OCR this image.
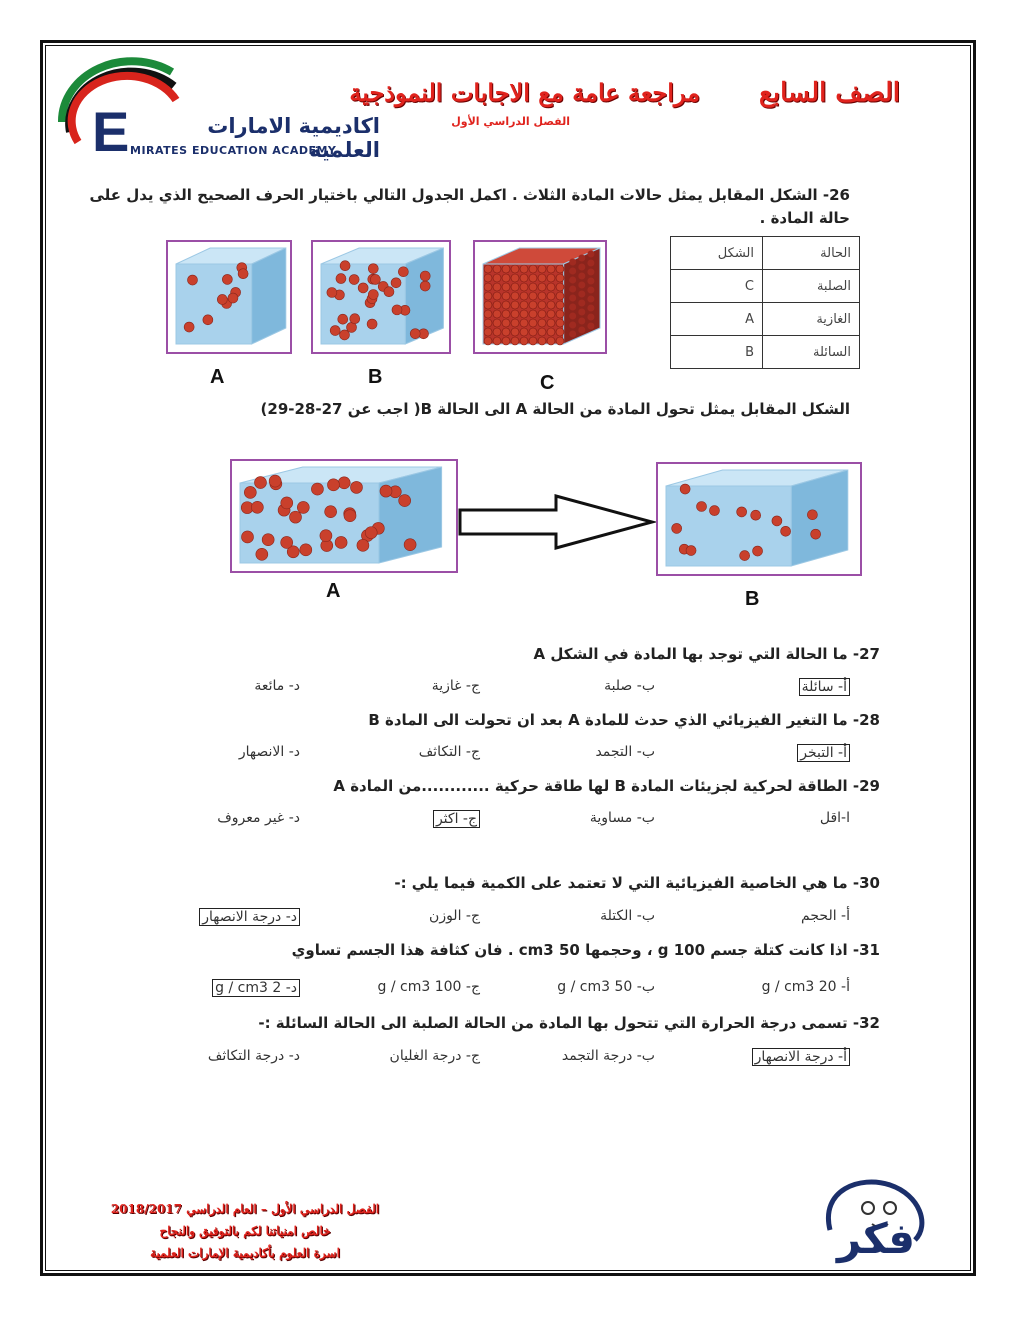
E	اكاديمية الامارات العلمية
MIRATES EDUCATION ACADEMY
الصف السابع
مراجعة عامة مع الاجابات النموذجية
الفصل الدراسي الأول
26- الشكل المقابل يمثل حالات المادة الثلاث . اكمل الجدول التالي باختيار الحرف الصحيح الذي يدل على
حالة المادة .
الحالة	الشكل
الصلبة	C
الغازية	A
السائلة	B
A	B	C
الشكل المقابل يمثل تحول المادة من الحالة A الى الحالة B( اجب عن 27-28-29)
A	B
27- ما الحالة التي توجد بها المادة في الشكل A
أ- سائلة
ب- صلبة
ج- غازية
د- مائعة
28- ما التغير الفيزيائي الذي حدث للمادة A بعد ان تحولت الى المادة B
أ- التبخر
ب- التجمد
ج- التكاثف
د- الانصهار
29- الطاقة لحركية لجزيئات المادة B لها طاقة حركية ............من المادة A
ا-اقل
ب- مساوية
ج- اكثر
د- غير معروف
30- ما هي الخاصية الفيزيائية التي لا تعتمد على الكمية فيما يلي :-
أ- الحجم
ب- الكتلة
ج- الوزن
د- درجة الانصهار
31- اذا كانت كتلة جسم g 100 ، وحجمها cm3 50 . فان كثافة هذا الجسم تساوي
أ- 20 g / cm3
ب- 50 g / cm3
ج- 100 g / cm3
د- 2 g / cm3
32- تسمى درجة الحرارة التي تتحول بها المادة من الحالة الصلبة الى الحالة السائلة :-
أ- درجة الانصهار
ب- درجة التجمد
ج- درجة الغليان
د- درجة التكاثف
الفصل الدراسي الأول – العام الدراسي 2018/2017
خالص امنياتنا لكم بالتوفيق والنجاح
اسرة العلوم بأكاديمية الإمارات العلمية	فكر
